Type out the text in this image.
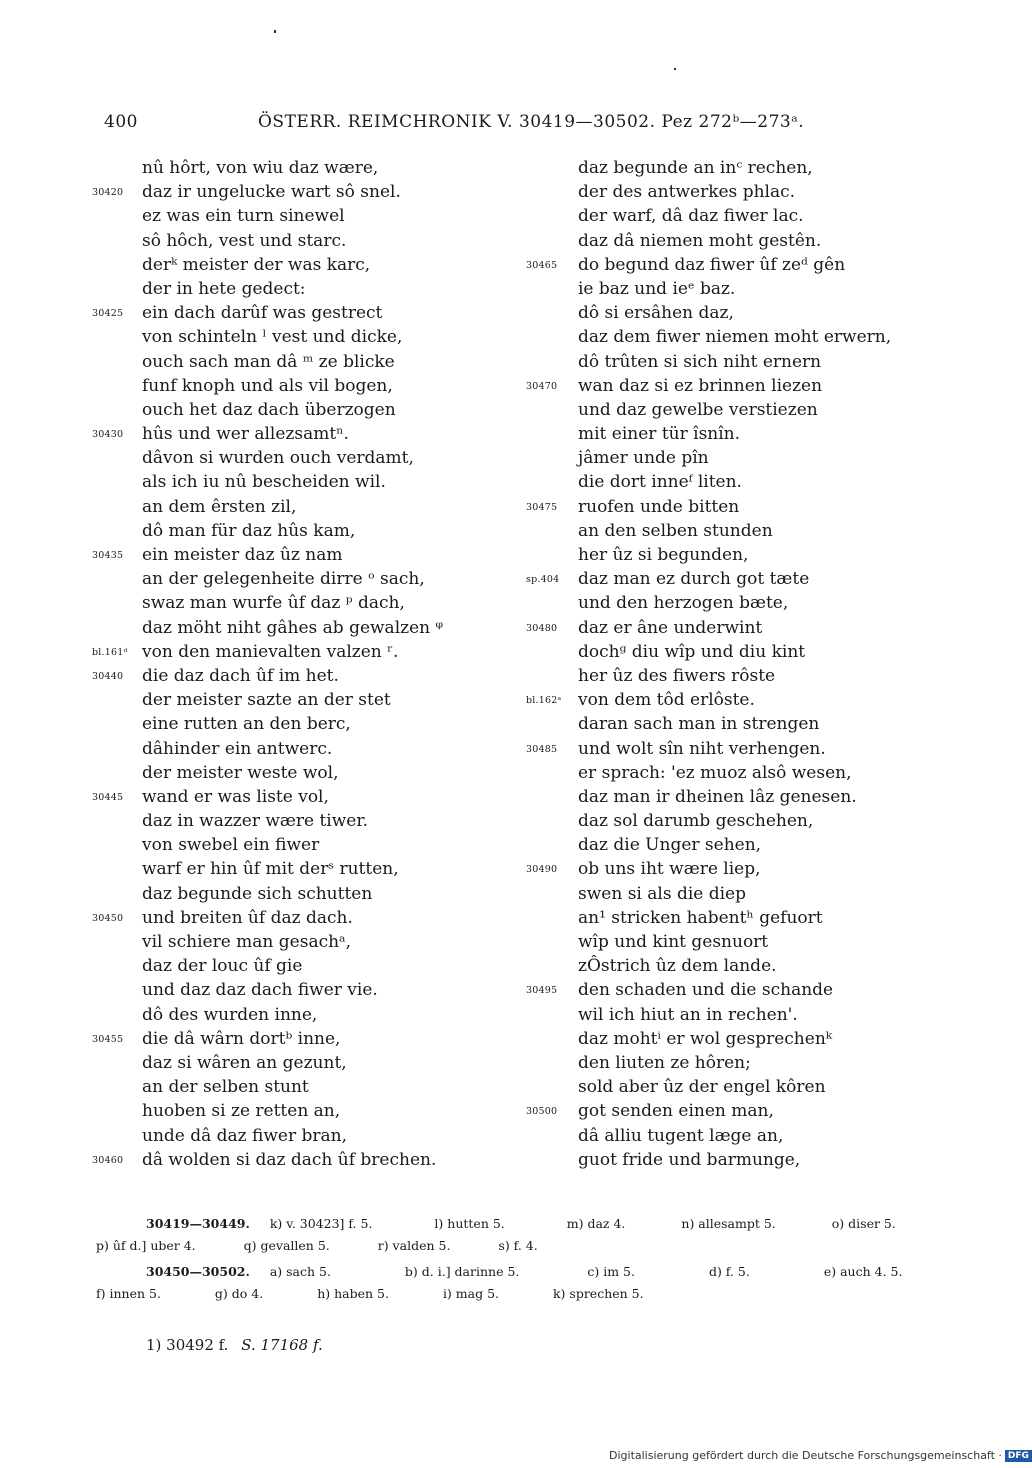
400	ÖSTERR. REIMCHRONIK V. 30419—30502. Pez 272ᵇ—273ᵃ.
nû hôrt, von wiu daz wære,
30420	daz ir ungelucke wart sô snel.
ez was ein turn sinewel
sô hôch, vest und starc.
derᵏ meister der was karc,
der in hete gedect:
30425	ein dach darûf was gestrect
von schinteln ˡ vest und dicke,
ouch sach man dâ ᵐ ze blicke
funf knoph und als vil bogen,
ouch het daz dach überzogen
30430	hûs und wer allezsamtⁿ.
dâvon si wurden ouch verdamt,
als ich iu nû bescheiden wil.
an dem êrsten zil,
dô man für daz hûs kam,
30435	ein meister daz ûz nam
an der gelegenheite dirre ᵒ sach,
swaz man wurfe ûf daz ᵖ dach,
daz möht niht gâhes ab gewalzen ᵠ
bl.161ᵈ von den manievalten valzen ʳ.
30440	die daz dach ûf im het.
der meister sazte an der stet
eine rutten an den berc,
dâhinder ein antwerc.
der meister weste wol,
30445	wand er was liste vol,
daz in wazzer wære tiwer.
von swebel ein fiwer
warf er hin ûf mit derˢ rutten,
daz begunde sich schutten
30450	und breiten ûf daz dach.
vil schiere man gesachᵃ,
daz der louc ûf gie
und daz daz dach fiwer vie.
dô des wurden inne,
30455	die dâ wârn dortᵇ inne,
daz si wâren an gezunt,
an der selben stunt
huoben si ze retten an,
unde dâ daz fiwer bran,
30460	dâ wolden si daz dach ûf brechen.
daz begunde an inᶜ rechen,
der des antwerkes phlac.
der warf, dâ daz fiwer lac.
daz dâ niemen moht gestên.
30465	do begund daz fiwer ûf zeᵈ gên
ie baz und ieᵉ baz.
dô si ersâhen daz,
daz dem fiwer niemen moht erwern,
dô trûten si sich niht ernern
30470	wan daz si ez brinnen liezen
und daz gewelbe verstiezen
mit einer tür îsnîn.
jâmer unde pîn
die dort inneᶠ liten.
30475	ruofen unde bitten
an den selben stunden
her ûz si begunden,
sp.404	daz man ez durch got tæte
und den herzogen bæte,
30480	daz er âne underwint
dochᵍ diu wîp und diu kint
her ûz des fiwers rôste
bl.162ᵃ von dem tôd erlôste.
daran sach man in strengen
30485	und wolt sîn niht verhengen.
er sprach: 'ez muoz alsô wesen,
daz man ir dheinen lâz genesen.
daz sol darumb geschehen,
daz die Unger sehen,
30490	ob uns iht wære liep,
swen si als die diep
an¹ stricken habentʰ gefuort
wîp und kint gesnuort
zÔstrich ûz dem lande.
30495	den schaden und die schande
wil ich hiut an in rechen'.
daz mohtⁱ er wol gesprechenᵏ
den liuten ze hôren;
sold aber ûz der engel kôren
30500	got senden einen man,
dâ alliu tugent læge an,
guot fride und barmunge,
30419—30449. k) v. 30423] f. 5.	l) hutten 5.	m) daz 4.	n) allesampt 5.	o) diser 5.
p) ûf d.] uber 4.	q) gevallen 5.	r) valden 5.	s) f. 4.
30450—30502. a) sach 5.	b) d. i.] darinne 5.	c) im 5.	d) f. 5.	e) auch 4. 5.
f) innen 5.	g) do 4.	h) haben 5.	i) mag 5.	k) sprechen 5.
1) 30492 f. S. 17168 f.
Digitalisierung gefördert durch die Deutsche Forschungsgemeinschaft · DFG
